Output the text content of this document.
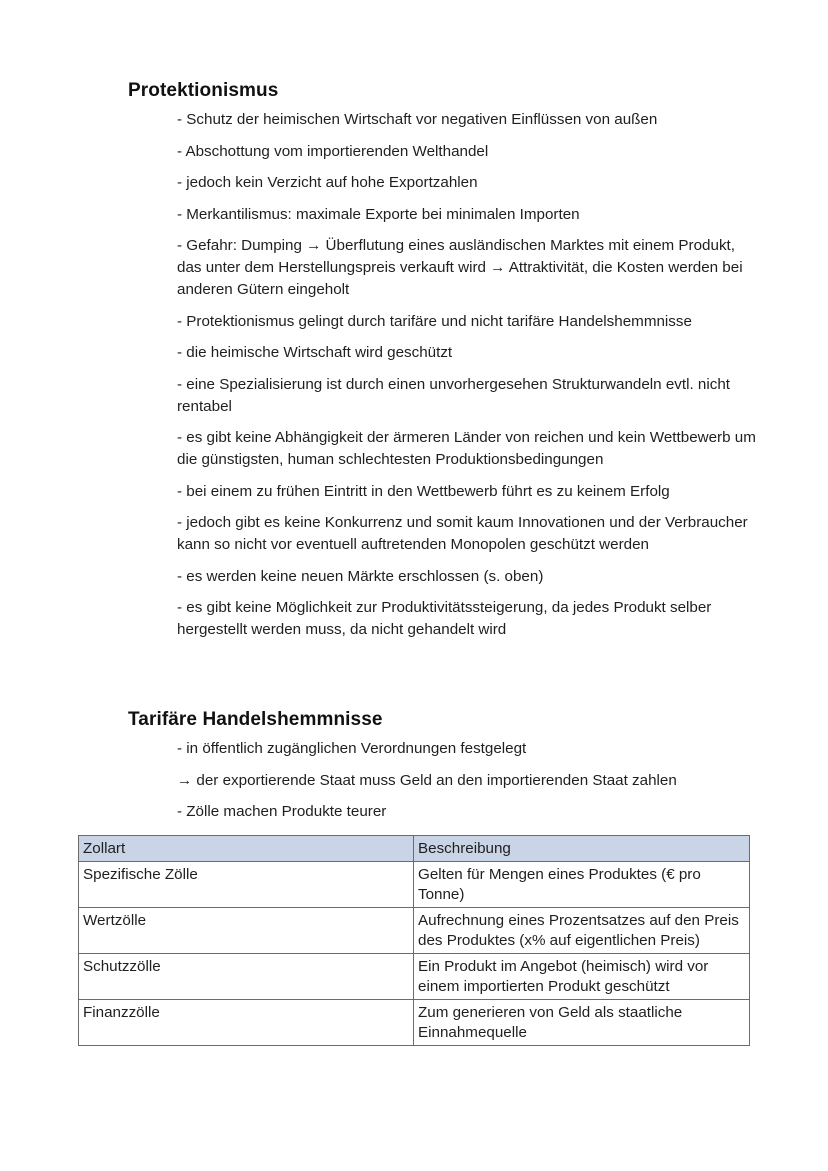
Protektionismus
- Schutz der heimischen Wirtschaft vor negativen Einflüssen von außen
- Abschottung vom importierenden Welthandel
- jedoch kein Verzicht auf hohe Exportzahlen
- Merkantilismus: maximale Exporte bei minimalen Importen
- Gefahr: Dumping → Überflutung eines ausländischen Marktes mit einem Produkt, das unter dem Herstellungspreis verkauft wird → Attraktivität, die Kosten werden bei anderen Gütern eingeholt
- Protektionismus gelingt durch tarifäre und nicht tarifäre Handelshemmnisse
- die heimische Wirtschaft wird geschützt
- eine Spezialisierung ist durch einen unvorhergesehen Strukturwandeln evtl. nicht rentabel
- es gibt keine Abhängigkeit der ärmeren Länder von reichen und kein Wettbewerb um die günstigsten, human schlechtesten Produktionsbedingungen
- bei einem zu frühen Eintritt in den Wettbewerb führt es zu keinem Erfolg
- jedoch gibt es keine Konkurrenz und somit kaum Innovationen und der Verbraucher kann so nicht vor eventuell auftretenden Monopolen geschützt werden
- es werden keine neuen Märkte erschlossen (s. oben)
- es gibt keine Möglichkeit zur Produktivitätssteigerung, da jedes Produkt selber hergestellt werden muss, da nicht gehandelt wird
Tarifäre Handelshemmnisse
- in öffentlich zugänglichen Verordnungen festgelegt
→ der exportierende Staat muss Geld an den importierenden Staat zahlen
- Zölle machen Produkte teurer
Zollart	Beschreibung
Spezifische Zölle	Gelten für Mengen eines Produktes (€ pro Tonne)
Wertzölle	Aufrechnung eines Prozentsatzes auf den Preis des Produktes (x% auf eigentlichen Preis)
Schutzzölle	Ein Produkt im Angebot (heimisch) wird vor einem importierten Produkt geschützt
Finanzzölle	Zum generieren von Geld als staatliche Einnahmequelle
